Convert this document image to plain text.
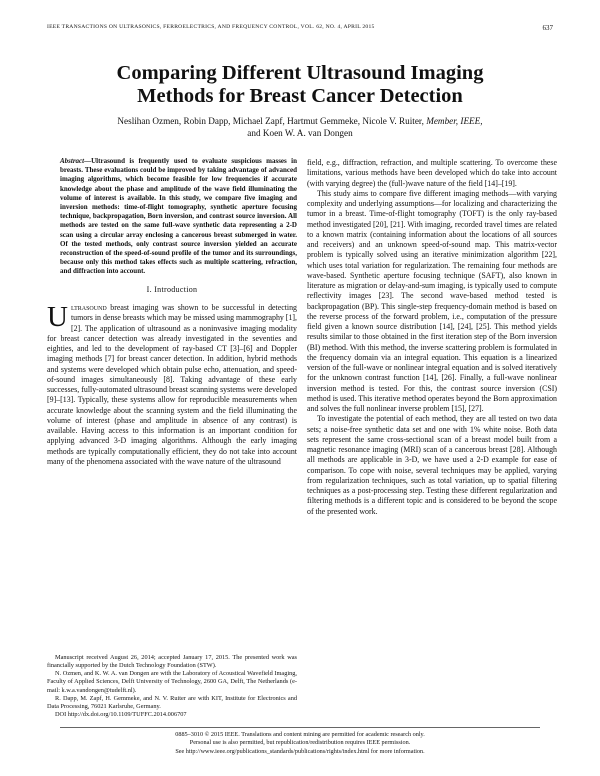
IEEE TRANSACTIONS ON ULTRASONICS, FERROELECTRICS, AND FREQUENCY CONTROL, VOL. 62, NO. 4, APRIL 2015	637
Comparing Different Ultrasound Imaging
Methods for Breast Cancer Detection
Neslihan Ozmen, Robin Dapp, Michael Zapf, Hartmut Gemmeke, Nicole V. Ruiter, Member, IEEE,
and Koen W. A. van Dongen
Abstract—Ultrasound is frequently used to evaluate suspicious masses in breasts. These evaluations could be improved by taking advantage of advanced imaging algorithms, which become feasible for low frequencies if accurate knowledge about the phase and amplitude of the wave field illuminating the volume of interest is available. In this study, we compare five imaging and inversion methods: time-of-flight tomography, synthetic aperture focusing technique, backpropagation, Born inversion, and contrast source inversion. All methods are tested on the same full-wave synthetic data representing a 2-D scan using a circular array enclosing a cancerous breast submerged in water. Of the tested methods, only contrast source inversion yielded an accurate reconstruction of the speed-of-sound profile of the tumor and its surroundings, because only this method takes effects such as multiple scattering, refraction, and diffraction into account.
I. Introduction
Ultrasound breast imaging was shown to be successful in detecting tumors in dense breasts which may be missed using mammography [1], [2]. The application of ultrasound as a noninvasive imaging modality for breast cancer detection was already investigated in the seventies and eighties, and led to the development of ray-based CT [3]–[6] and Doppler imaging methods [7] for breast cancer detection. In addition, hybrid methods and systems were developed which obtain pulse echo, attenuation, and speed-of-sound images simultaneously [8]. Taking advantage of these early successes, fully-automated ultrasound breast scanning systems were developed [9]–[13]. Typically, these systems allow for reproducible measurements when accurate knowledge about the scanning system and the field illuminating the volume of interest (phase and amplitude in absence of any contrast) is available. Having access to this information is an important condition for applying advanced 3-D imaging algorithms. Although the early imaging methods are typically computationally efficient, they do not take into account many of the phenomena associated with the wave nature of the ultrasound

Manuscript received August 26, 2014; accepted January 17, 2015. The presented work was financially supported by the Dutch Technology Foundation (STW).

N. Ozmen, and K. W. A. van Dongen are with the Laboratory of Acoustical Wavefield Imaging, Faculty of Applied Sciences, Delft University of Technology, 2600 GA, Delft, The Netherlands (e-mail: k.w.a.vandongen@tudelft.nl).

R. Dapp, M. Zapf, H. Gemmeke, and N. V. Ruiter are with KIT, Institute for Electronics and Data Processing, 76021 Karlsruhe, Germany.

DOI http://dx.doi.org/10.1109/TUFFC.2014.006707

field, e.g., diffraction, refraction, and multiple scattering. To overcome these limitations, various methods have been developed which do take into account (with varying degree) the (full-)wave nature of the field [14]–[19].

This study aims to compare five different imaging methods—with varying complexity and underlying assumptions—for localizing and characterizing the tumor in a breast. Time-of-flight tomography (TOFT) is the only ray-based method investigated [20], [21]. With imaging, recorded travel times are related to a known matrix (containing information about the locations of all sources and receivers) and an unknown speed-of-sound map. This matrix-vector problem is typically solved using an iterative minimization algorithm [22], which uses total variation for regularization. The remaining four methods are wave-based. Synthetic aperture focusing technique (SAFT), also known in literature as migration or delay-and-sum imaging, is typically used to compute reflectivity images [23]. The second wave-based method tested is backpropagation (BP). This single-step frequency-domain method is based on the reverse process of the forward problem, i.e., computation of the pressure field given a known source distribution [14], [24], [25]. This method yields results similar to those obtained in the first iteration step of the Born inversion (BI) method. With this method, the inverse scattering problem is formulated in the frequency domain via an integral equation. This equation is a linearized version of the full-wave or nonlinear integral equation and is solved iteratively for the unknown contrast function [14], [26]. Finally, a full-wave nonlinear inversion method is tested. For this, the contrast source inversion (CSI) method is used. This iterative method operates beyond the Born approximation and solves the full nonlinear inverse problem [15], [27].

To investigate the potential of each method, they are all tested on two data sets; a noise-free synthetic data set and one with 1% white noise. Both data sets represent the same cross-sectional scan of a breast model built from a magnetic resonance imaging (MRI) scan of a cancerous breast [28]. Although all methods are applicable in 3-D, we have used a 2-D example for ease of comparison. To cope with noise, several techniques may be applied, varying from regularization techniques, such as total variation, up to spatial filtering techniques as a post-processing step. Testing these different regularization and filtering methods is a different topic and is considered to be beyond the scope of the presented work.

0885–3010 © 2015 IEEE. Translations and content mining are permitted for academic research only.
Personal use is also permitted, but republication/redistribution requires IEEE permission.
See http://www.ieee.org/publications_standards/publications/rights/index.html for more information.
